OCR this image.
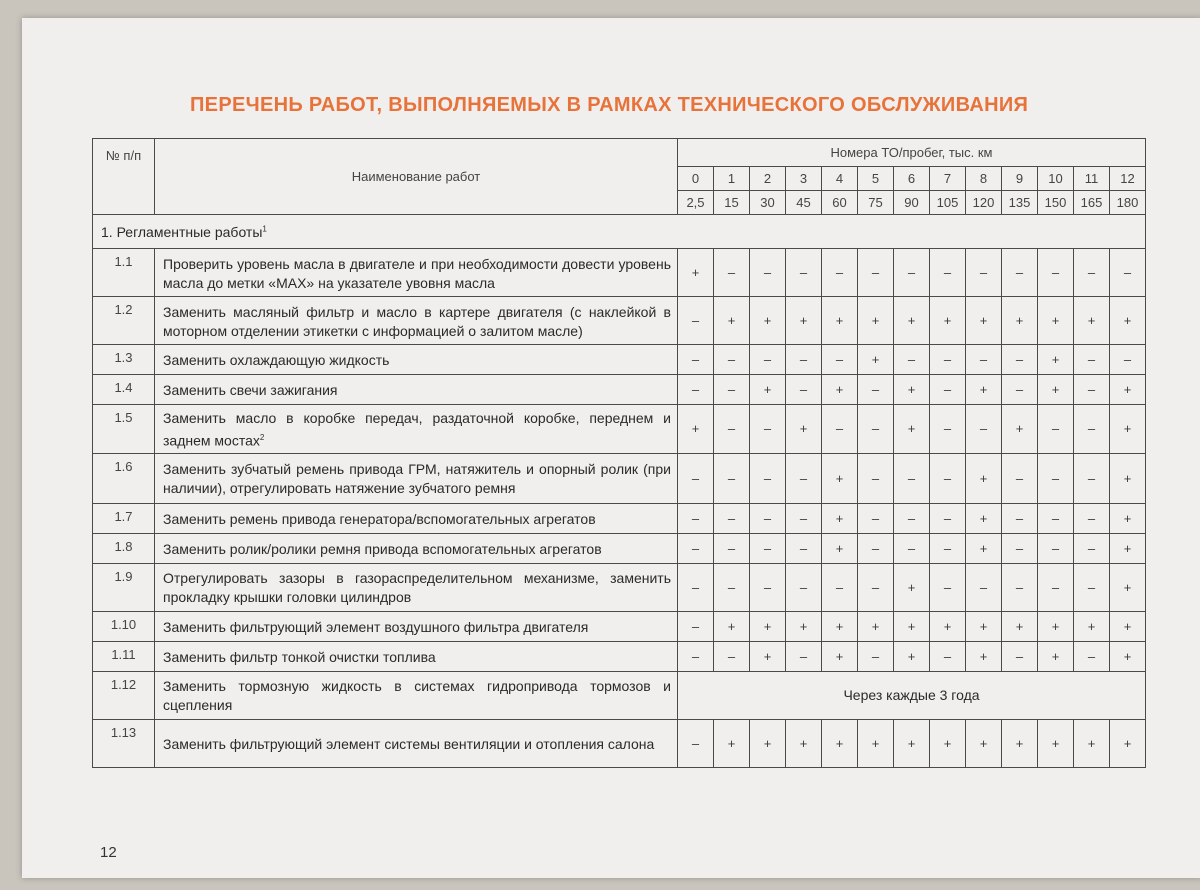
ПЕРЕЧЕНЬ РАБОТ, ВЫПОЛНЯЕМЫХ В РАМКАХ ТЕХНИЧЕСКОГО ОБСЛУЖИВАНИЯ
№ п/п	Наименование работ	Номера ТО/пробег, тыс. км												
		0	1	2	3	4	5	6	7	8	9	10	11	12
		2,5	15	30	45	60	75	90	105	120	135	150	165	180
1. Регламентные работы$^1$
1.1	Проверить уровень масла в двигателе и при необходимости довести уровень масла до метки «MAX» на указателе увовня масла	+	–	–	–	–	–	–	–	–	–	–	–	–
1.2	Заменить масляный фильтр и масло в картере двигателя (с наклейкой в моторном отделении этикетки с информацией о залитом масле)	–	+	+	+	+	+	+	+	+	+	+	+	+
1.3	Заменить охлаждающую жидкость	–	–	–	–	–	+	–	–	–	–	+	–	–
1.4	Заменить свечи зажигания	–	–	+	–	+	–	+	–	+	–	+	–	+
1.5	Заменить масло в коробке передач, раздаточной коробке, переднем и заднем мостах$^2$	+	–	–	+	–	–	+	–	–	+	–	–	+
1.6	Заменить зубчатый ремень привода ГРМ, натяжитель и опорный ролик (при наличии), отрегулировать натяжение зубчатого ремня	–	–	–	–	+	–	–	–	+	–	–	–	+
1.7	Заменить ремень привода генератора/вспомогательных агрегатов	–	–	–	–	+	–	–	–	+	–	–	–	+
1.8	Заменить ролик/ролики ремня привода вспомогательных агрегатов	–	–	–	–	+	–	–	–	+	–	–	–	+
1.9	Отрегулировать зазоры в газораспределительном механизме, заменить прокладку крышки головки цилиндров	–	–	–	–	–	–	+	–	–	–	–	–	+
1.10	Заменить фильтрующий элемент воздушного фильтра двигателя	–	+	+	+	+	+	+	+	+	+	+	+	+
1.11	Заменить фильтр тонкой очистки топлива	–	–	+	–	+	–	+	–	+	–	+	–	+
1.12	Заменить тормозную жидкость в системах гидропривода тормозов и сцепления	Через каждые 3 года												
1.13	Заменить фильтрующий элемент системы вентиляции и отопления салона	–	+	+	+	+	+	+	+	+	+	+	+	+
12
